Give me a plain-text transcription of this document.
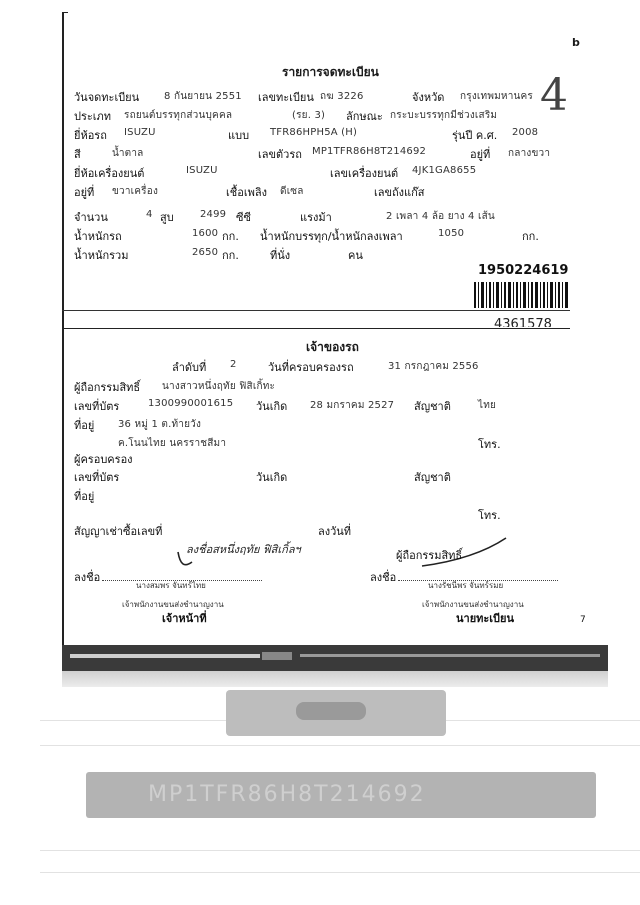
b
4
รายการจดทะเบียน
วันจดทะเบียน 8 กันยายน 2551 เลขทะเบียน ถฆ 3226	จังหวัด กรุงเทพมหานคร
ประเภท รถยนต์บรรทุกส่วนบุคคล	(รย. 3) ลักษณะ กระบะบรรทุกมีช่วงเสริม
ยี่ห้อรถ ISUZU	แบบ TFR86HPH5A (H)	รุ่นปี ค.ศ. 2008
สี	น้ำตาล	เลขตัวรถ MP1TFR86H8T214692	อยู่ที่ กลางขวา
ยี่ห้อเครื่องยนต์	ISUZU	เลขเครื่องยนต์ 4JK1GA8655
อยู่ที่ ขวาเครื่อง	เชื้อเพลิง ดีเซล	เลขถังแก๊ส
จำนวน	4 สูบ	2499 ซีซี	แรงม้า	2 เพลา 4 ล้อ ยาง 4 เส้น
น้ำหนักรถ	1600 กก. น้ำหนักบรรทุก/น้ำหนักลงเพลา	1050	กก.
น้ำหนักรวม	2650 กก.	ที่นั่ง	คน
1950224619
4361578
เจ้าของรถ
ลำดับที่ 2	วันที่ครอบครองรถ	31 กรกฎาคม 2556
ผู้ถือกรรมสิทธิ์ นางสาวหนึ่งฤทัย ฟิสิเกิ้ทะ
เลขที่บัตร	1300990001615 วันเกิด 28 มกราคม 2527 สัญชาติ	ไทย
ที่อยู่ 36 หมู่ 1 ต.ท้ายวัง
ค.โนนไทย นครราชสีมา	โทร.
ผู้ครอบครอง
เลขที่บัตร	วันเกิด	สัญชาติ
ที่อยู่
โทร.
สัญญาเช่าซื้อเลขที่	ลงวันที่
ลงชื่อสหนึ่งฤทัย ฟิสิเกิ้ลฯ	ผู้ถือกรรมสิทธิ์
ลงชื่อ
นางสมพร จันทร์ไทย
เจ้าพนักงานขนส่งชำนาญงาน
เจ้าหน้าที่
ลงชื่อ
นางรัชนีพร จันทร์รมย
เจ้าพนักงานขนส่งชำนาญงาน
นายทะเบียน	7
MP1TFR86H8T214692
